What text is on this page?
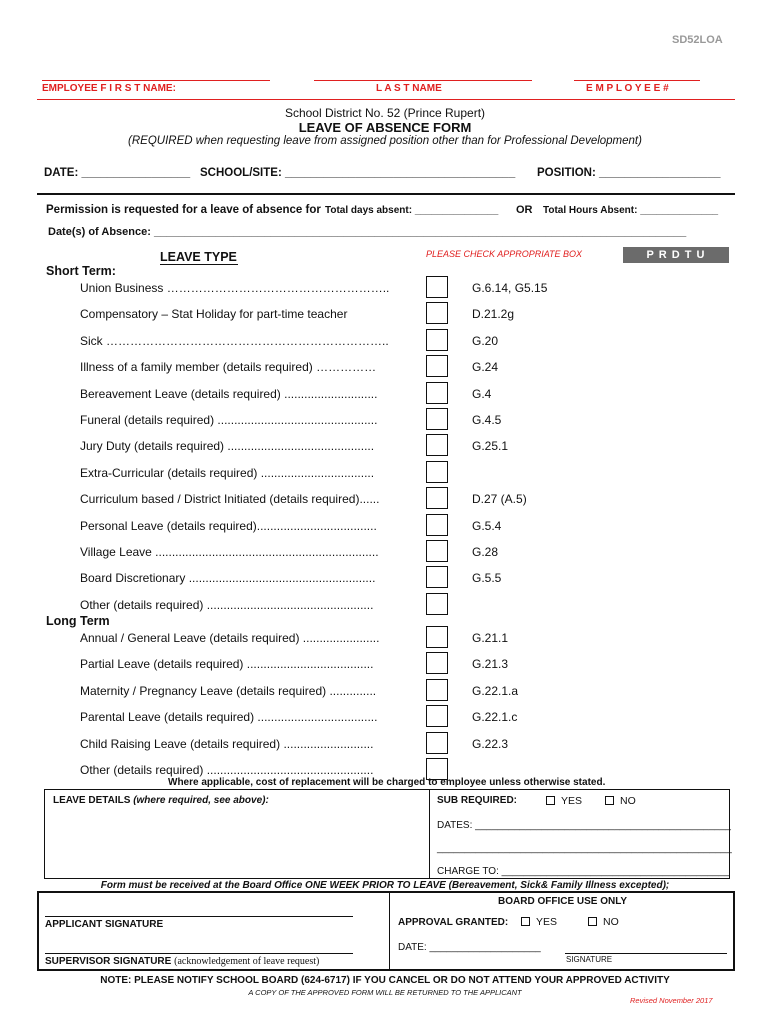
SD52LOA
EMPLOYEE F I R S T NAME:	L A S T NAME	E M P L O Y E E #
School District No. 52 (Prince Rupert)
LEAVE OF ABSENCE FORM
(REQUIRED when requesting leave from assigned position other than for Professional Development)
DATE: _________________ SCHOOL/SITE: ____________________________________ POSITION: ___________________
Permission is requested for a leave of absence for Total days absent: _______________ OR Total Hours Absent: ______________
Date(s) of Absence: _______________________________________________________________________________________
LEAVE TYPE	PLEASE CHECK APPROPRIATE BOX	P R D T U
Short Term:
Union Business ………………………………………………..	G.6.14, G5.15
Compensatory – Stat Holiday for part-time teacher	D.21.2g
Sick ……………………………………………………………..	G.20
Illness of a family member (details required) ……………	G.24
Bereavement Leave (details required) ............................	G.4
Funeral (details required) ................................................	G.4.5
Jury Duty (details required) ............................................	G.25.1
Extra-Curricular (details required) ..................................
Curriculum based / District Initiated (details required)......	D.27 (A.5)
Personal Leave (details required)....................................	G.5.4
Village Leave ...................................................................	G.28
Board Discretionary ........................................................	G.5.5
Other (details required) ..................................................
Long Term
Annual / General Leave (details required) .......................	G.21.1
Partial Leave (details required) ......................................	G.21.3
Maternity / Pregnancy Leave (details required) ..............	G.22.1.a
Parental Leave (details required) ....................................	G.22.1.c
Child Raising Leave (details required) ...........................	G.22.3
Other (details required) ..................................................
Where applicable, cost of replacement will be charged to employee unless otherwise stated.
LEAVE DETAILS (where required, see above):	SUB REQUIRED:	YES	NO
DATES: ______________________________________________
_____________________________________________________
CHARGE TO: _________________________________________
Form must be received at the Board Office ONE WEEK PRIOR TO LEAVE (Bereavement, Sick& Family Illness excepted);
APPLICANT SIGNATURE
SUPERVISOR SIGNATURE (acknowledgement of leave request)
BOARD OFFICE USE ONLY
APPROVAL GRANTED:	YES	NO
DATE: ____________________
SIGNATURE
NOTE: PLEASE NOTIFY SCHOOL BOARD (624-6717) IF YOU CANCEL OR DO NOT ATTEND YOUR APPROVED ACTIVITY
A COPY OF THE APPROVED FORM WILL BE RETURNED TO THE APPLICANT
Revised November 2017
